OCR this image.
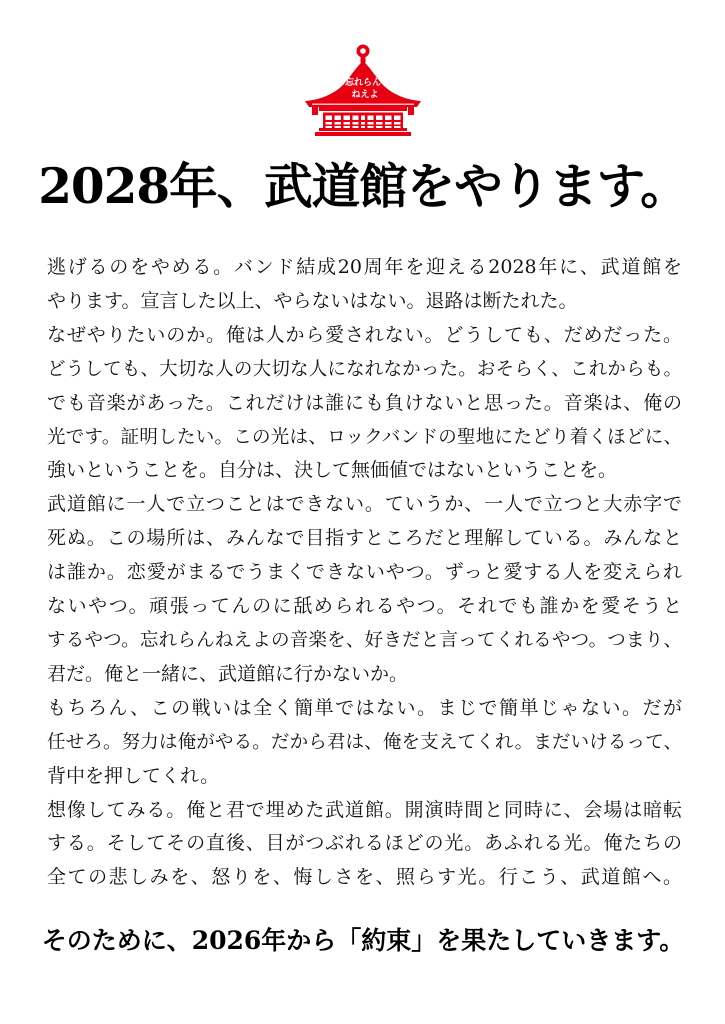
忘れらん
ねえよ
2028年、武道館をやります。
逃げるのをやめる。バンド結成20周年を迎える2028年に、武道館を
やります。宣言した以上、やらないはない。退路は断たれた。
なぜやりたいのか。俺は人から愛されない。どうしても、だめだった。
どうしても、大切な人の大切な人になれなかった。おそらく、これからも。
でも音楽があった。これだけは誰にも負けないと思った。音楽は、俺の
光です。証明したい。この光は、ロックバンドの聖地にたどり着くほどに、
強いということを。自分は、決して無価値ではないということを。
武道館に一人で立つことはできない。ていうか、一人で立つと大赤字で
死ぬ。この場所は、みんなで目指すところだと理解している。みんなと
は誰か。恋愛がまるでうまくできないやつ。ずっと愛する人を変えられ
ないやつ。頑張ってんのに舐められるやつ。それでも誰かを愛そうと
するやつ。忘れらんねえよの音楽を、好きだと言ってくれるやつ。つまり、
君だ。俺と一緒に、武道館に行かないか。
もちろん、この戦いは全く簡単ではない。まじで簡単じゃない。だが
任せろ。努力は俺がやる。だから君は、俺を支えてくれ。まだいけるって、
背中を押してくれ。
想像してみる。俺と君で埋めた武道館。開演時間と同時に、会場は暗転
する。そしてその直後、目がつぶれるほどの光。あふれる光。俺たちの
全ての悲しみを、怒りを、悔しさを、照らす光。行こう、武道館へ。
そのために、2026年から「約束」を果たしていきます。
